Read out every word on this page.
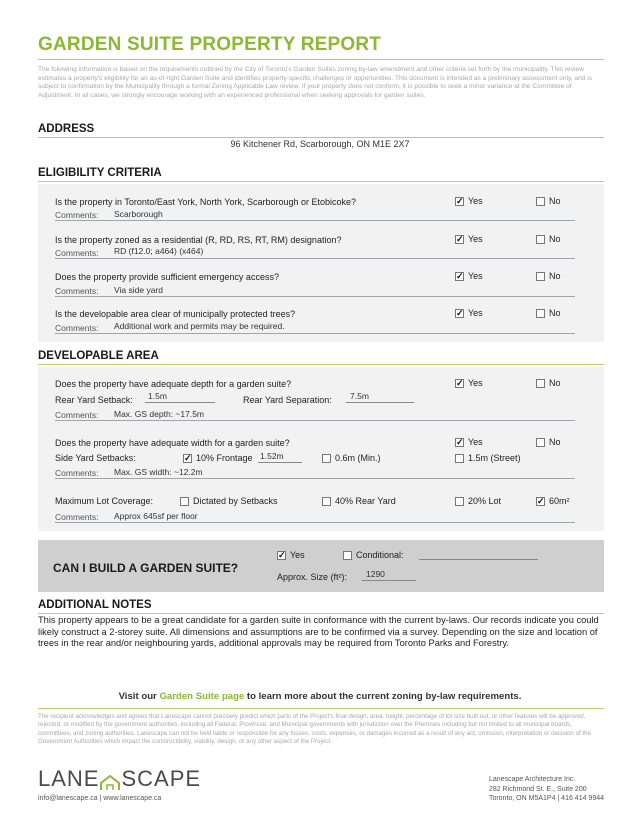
GARDEN SUITE PROPERTY REPORT
The following information is based on the requirements outlined by the City of Toronto's Garden Suites zoning by-law amendment and other criteria set forth by the municipality. This review estimates a property's eligibility for an as-of-right Garden Suite and identifies property-specific challenges or opportunities. This document is intended as a preliminary assessment only, and is subject to confirmation by the Municipality through a formal Zoning Applicable Law review. If your property does not conform, it is possible to seek a minor variance at the Committee of Adjustment. In all cases, we strongly encourage working with an experienced professional when seeking approvals for garden suites.
ADDRESS
96 Kitchener Rd, Scarborough, ON M1E 2X7
ELIGIBILITY CRITERIA
Is the property in Toronto/East York, North York, Scarborough or Etobicoke?	✓ Yes	No
Comments: Scarborough
Is the property zoned as a residential (R, RD, RS, RT, RM) designation?	✓ Yes	No
Comments: RD (f12.0; a464) (x464)
Does the property provide sufficient emergency access?	✓ Yes	No
Comments: Via side yard
Is the developable area clear of municipally protected trees?	✓ Yes	No
Comments: Additional work and permits may be required.
DEVELOPABLE AREA
Does the property have adequate depth for a garden suite?	✓ Yes	No
Rear Yard Setback: 1.5m	Rear Yard Separation: 7.5m
Comments: Max. GS depth: ~17.5m
Does the property have adequate width for a garden suite?	✓ Yes	No
Side Yard Setbacks:	✓ 10% Frontage 1.52m	0.6m (Min.)	1.5m (Street)
Comments: Max. GS width: ~12.2m
Maximum Lot Coverage:	Dictated by Setbacks	40% Rear Yard	20% Lot	✓ 60m²
Comments: Approx 645sf per floor
CAN I BUILD A GARDEN SUITE?
✓ Yes	Conditional:
Approx. Size (ft²): 1290
ADDITIONAL NOTES
This property appears to be a great candidate for a garden suite in conformance with the current by-laws. Our records indicate you could likely construct a 2-storey suite. All dimensions and assumptions are to be confirmed via a survey. Depending on the size and location of trees in the rear and/or neighbouring yards, additional approvals may be required from Toronto Parks and Forestry.
Visit our Garden Suite page to learn more about the current zoning by-law requirements.
The recipient acknowledges and agrees that Lanescape cannot precisely predict which parts of the Project's final design, area, height, percentage of lot size built out, or other features will be approved, rejected, or modified by the government authorities, including all Federal, Provincial, and Municipal governments with jurisdiction over the Premises including but not limited to all municipal boards, committees, and zoning authorities. Lanescape can not be held liable or responsible for any losses, costs, expenses, or damages incurred as a result of any act, omission, interpretation or decision of the Government Authorities which impact the constructibility, viability, design, or any other aspect of the Project.
LANE SCAPE
info@lanescape.ca | www.lanescape.ca
Lanescape Architecture Inc.
282 Richmond St. E., Suite 200
Toronto, ON M5A1P4 | 416 414 9944
